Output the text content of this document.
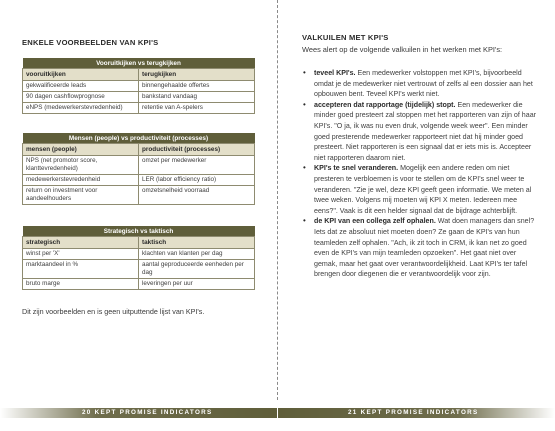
ENKELE VOORBEELDEN VAN KPI'S
Vooruitkijken vs terugkijken	
vooruitkijken	terugkijken
gekwalificeerde leads	binnengehaalde offertes
90 dagen cashflowprognose	bankstand vandaag
eNPS (medewerkerstevredenheid)	retentie van A-spelers
Mensen (people) vs productiviteit (processes)	
mensen (people)	productiviteit (processes)
NPS (net promotor score, klanttevredenheid)	omzet per medewerker
medewerkerstevredenheid	LER (labor efficiency ratio)
return on investment voor aandeelhouders	omzetsnelheid voorraad
Strategisch vs taktisch	
strategisch	taktisch
winst per 'X'	klachten van klanten per dag
marktaandeel in %	aantal geproduceerde eenheden per dag
bruto marge	leveringen per uur

Dit zijn voorbeelden en is geen uitputtende lijst van KPI's.

VALKUILEN MET KPI'S

Wees alert op de volgende valkuilen in het werken met KPI's:

• teveel KPI's. Een medewerker volstoppen met KPI's, bijvoorbeeld omdat je de medewerker niet vertrouwt of zelfs al een dossier aan het opbouwen bent. Teveel KPI's werkt niet.
• accepteren dat rapportage (tijdelijk) stopt. Een medewerker die minder goed presteert zal stoppen met het rapporteren van zijn of haar KPI's. "O ja, ik was nu even druk, volgende week weer". Een minder goed presterende medewerker rapporteert niet dat hij minder goed presteert. Niet rapporteren is een signaal dat er iets mis is. Accepteer niet rapporteren daarom niet.
• KPI's te snel veranderen. Mogelijk een andere reden om niet presteren te verbloemen is voor te stellen om de KPI's snel weer te veranderen. "Zie je wel, deze KPI geeft geen informatie. We meten al twee weken. Volgens mij moeten wij KPI X meten. Iedereen mee eens?". Vaak is dit een helder signaal dat de bijdrage achterblijft.
• de KPI van een collega zelf ophalen. Wat doen managers dan snel? Iets dat ze absoluut niet moeten doen? Ze gaan de KPI's van hun teamleden zelf ophalen. "Ach, ik zit toch in CRM, ik kan net zo goed even de KPI's van mijn teamleden opzoeken". Het gaat niet over gemak, maar het gaat over verantwoordelijkheid. Laat KPI's ter tafel brengen door diegenen die er verantwoordelijk voor zijn.
20 KEPT PROMISE INDICATORS	21 KEPT PROMISE INDICATORS
